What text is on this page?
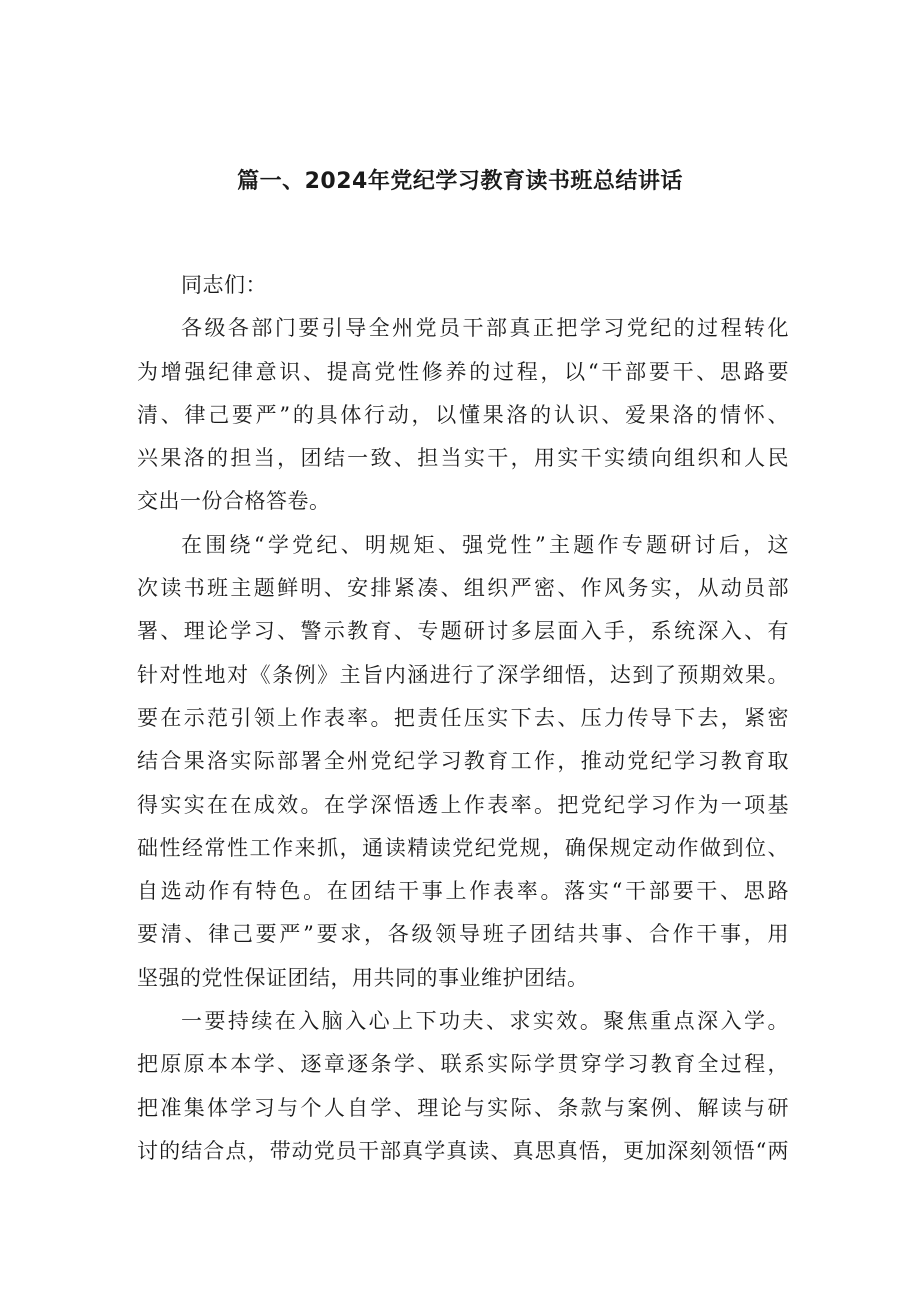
篇一、2024年党纪学习教育读书班总结讲话
同志们：
各级各部门要引导全州党员干部真正把学习党纪的过程转化
为增强纪律意识、提高党性修养的过程，以“干部要干、思路要
清、律己要严”的具体行动，以懂果洛的认识、爱果洛的情怀、
兴果洛的担当，团结一致、担当实干，用实干实绩向组织和人民
交出一份合格答卷。
在围绕“学党纪、明规矩、强党性”主题作专题研讨后，这
次读书班主题鲜明、安排紧凑、组织严密、作风务实，从动员部
署、理论学习、警示教育、专题研讨多层面入手，系统深入、有
针对性地对《条例》主旨内涵进行了深学细悟，达到了预期效果。
要在示范引领上作表率。把责任压实下去、压力传导下去，紧密
结合果洛实际部署全州党纪学习教育工作，推动党纪学习教育取
得实实在在成效。在学深悟透上作表率。把党纪学习作为一项基
础性经常性工作来抓，通读精读党纪党规，确保规定动作做到位、
自选动作有特色。在团结干事上作表率。落实“干部要干、思路
要清、律己要严”要求，各级领导班子团结共事、合作干事，用
坚强的党性保证团结，用共同的事业维护团结。
一要持续在入脑入心上下功夫、求实效。聚焦重点深入学。
把原原本本学、逐章逐条学、联系实际学贯穿学习教育全过程，
把准集体学习与个人自学、理论与实际、条款与案例、解读与研
讨的结合点，带动党员干部真学真读、真思真悟，更加深刻领悟“两
